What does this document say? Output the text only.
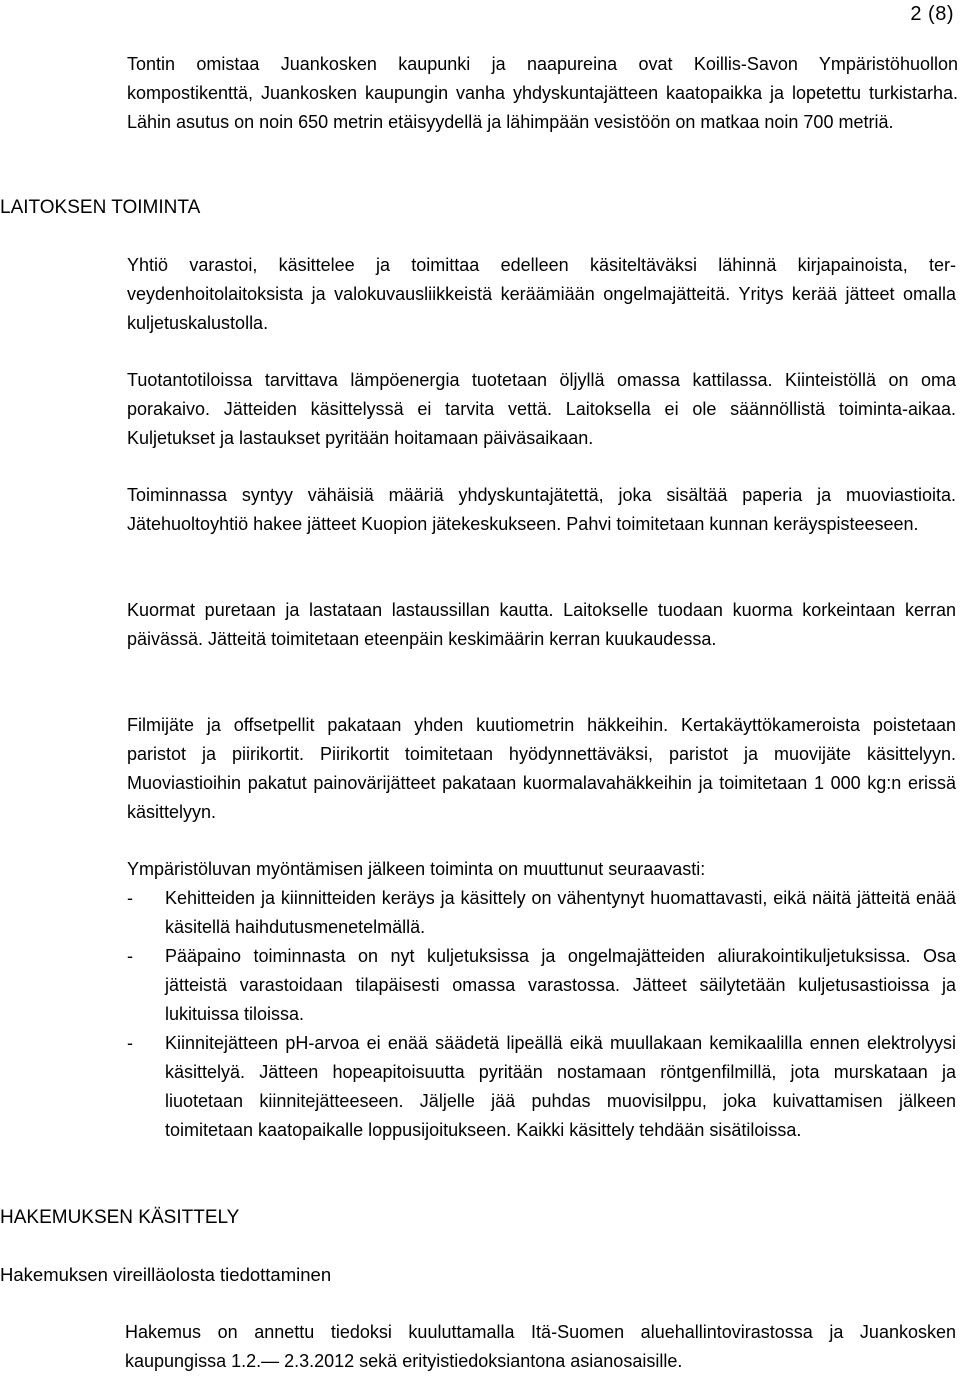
2 (8)

Tontin omistaa Juankosken kaupunki ja naapureina ovat Koillis-Savon Ympäristöhuollon kompostikenttä, Juankosken kaupungin vanha yhdyskuntajätteen kaatopaikka ja lopetettu turkistarha. Lähin asutus on noin 650 metrin etäisyydellä ja lähimpään vesistöön on matkaa noin 700 metriä.

LAITOKSEN TOIMINTA

Yhtiö varastoi, käsittelee ja toimittaa edelleen käsiteltäväksi lähinnä kirjapainoista, terveydenhoitolaitoksista ja valokuvausliikkeistä keräämiään ongelmajätteitä. Yritys kerää jätteet omalla kuljetuskalustolla.

Tuotantotiloissa tarvittava lämpöenergia tuotetaan öljyllä omassa kattilassa. Kiinteistöllä on oma porakaivo. Jätteiden käsittelyssä ei tarvita vettä. Laitoksella ei ole säännöllistä toiminta-aikaa. Kuljetukset ja lastaukset pyritään hoitamaan päiväsaikaan.

Toiminnassa syntyy vähäisiä määriä yhdyskuntajätettä, joka sisältää paperia ja muoviastioita. Jätehuoltoyhtiö hakee jätteet Kuopion jätekeskukseen. Pahvi toimitetaan kunnan keräyspisteeseen.

Kuormat puretaan ja lastataan lastaussillan kautta. Laitokselle tuodaan kuorma korkeintaan kerran päivässä. Jätteitä toimitetaan eteenpäin keskimäärin kerran kuukaudessa.

Filmijäte ja offsetpellit pakataan yhden kuutiometrin häkkeihin. Kertakäyttökameroista poistetaan paristot ja piirikortit. Piirikortit toimitetaan hyödynnettäväksi, paristot ja muovijäte käsittelyyn. Muoviastioihin pakatut painovärijätteet pakataan kuormalavahäkkeihin ja toimitetaan 1 000 kg:n erissä käsittelyyn.

Ympäristöluvan myöntämisen jälkeen toiminta on muuttunut seuraavasti:
- Kehitteiden ja kiinnitteiden keräys ja käsittely on vähentynyt huomattavasti, eikä näitä jätteitä enää käsitellä haihdutusmenetelmällä.
- Pääpaino toiminnasta on nyt kuljetuksissa ja ongelmajätteiden aliurakointikuljetuksissa. Osa jätteistä varastoidaan tilapäisesti omassa varastossa. Jätteet säilytetään kuljetusastioissa ja lukituissa tiloissa.
- Kiinnitejätteen pH-arvoa ei enää säädetä lipeällä eikä muullakaan kemikaalilla ennen elektrolyysi käsittelyä. Jätteen hopeapitoisuutta pyritään nostamaan röntgenfilmillä, jota murskataan ja liuotetaan kiinnitejätteeseen. Jäljelle jää puhdas muovisilppu, joka kuivattamisen jälkeen toimitetaan kaatopaikalle loppusijoitukseen. Kaikki käsittely tehdään sisätiloissa.
HAKEMUKSEN KÄSITTELY
Hakemuksen vireilläolosta tiedottaminen

Hakemus on annettu tiedoksi kuuluttamalla Itä-Suomen aluehallintovirastossa ja Juankosken kaupungissa 1.2.— 2.3.2012 sekä erityistiedoksiantona asianosaisille.
